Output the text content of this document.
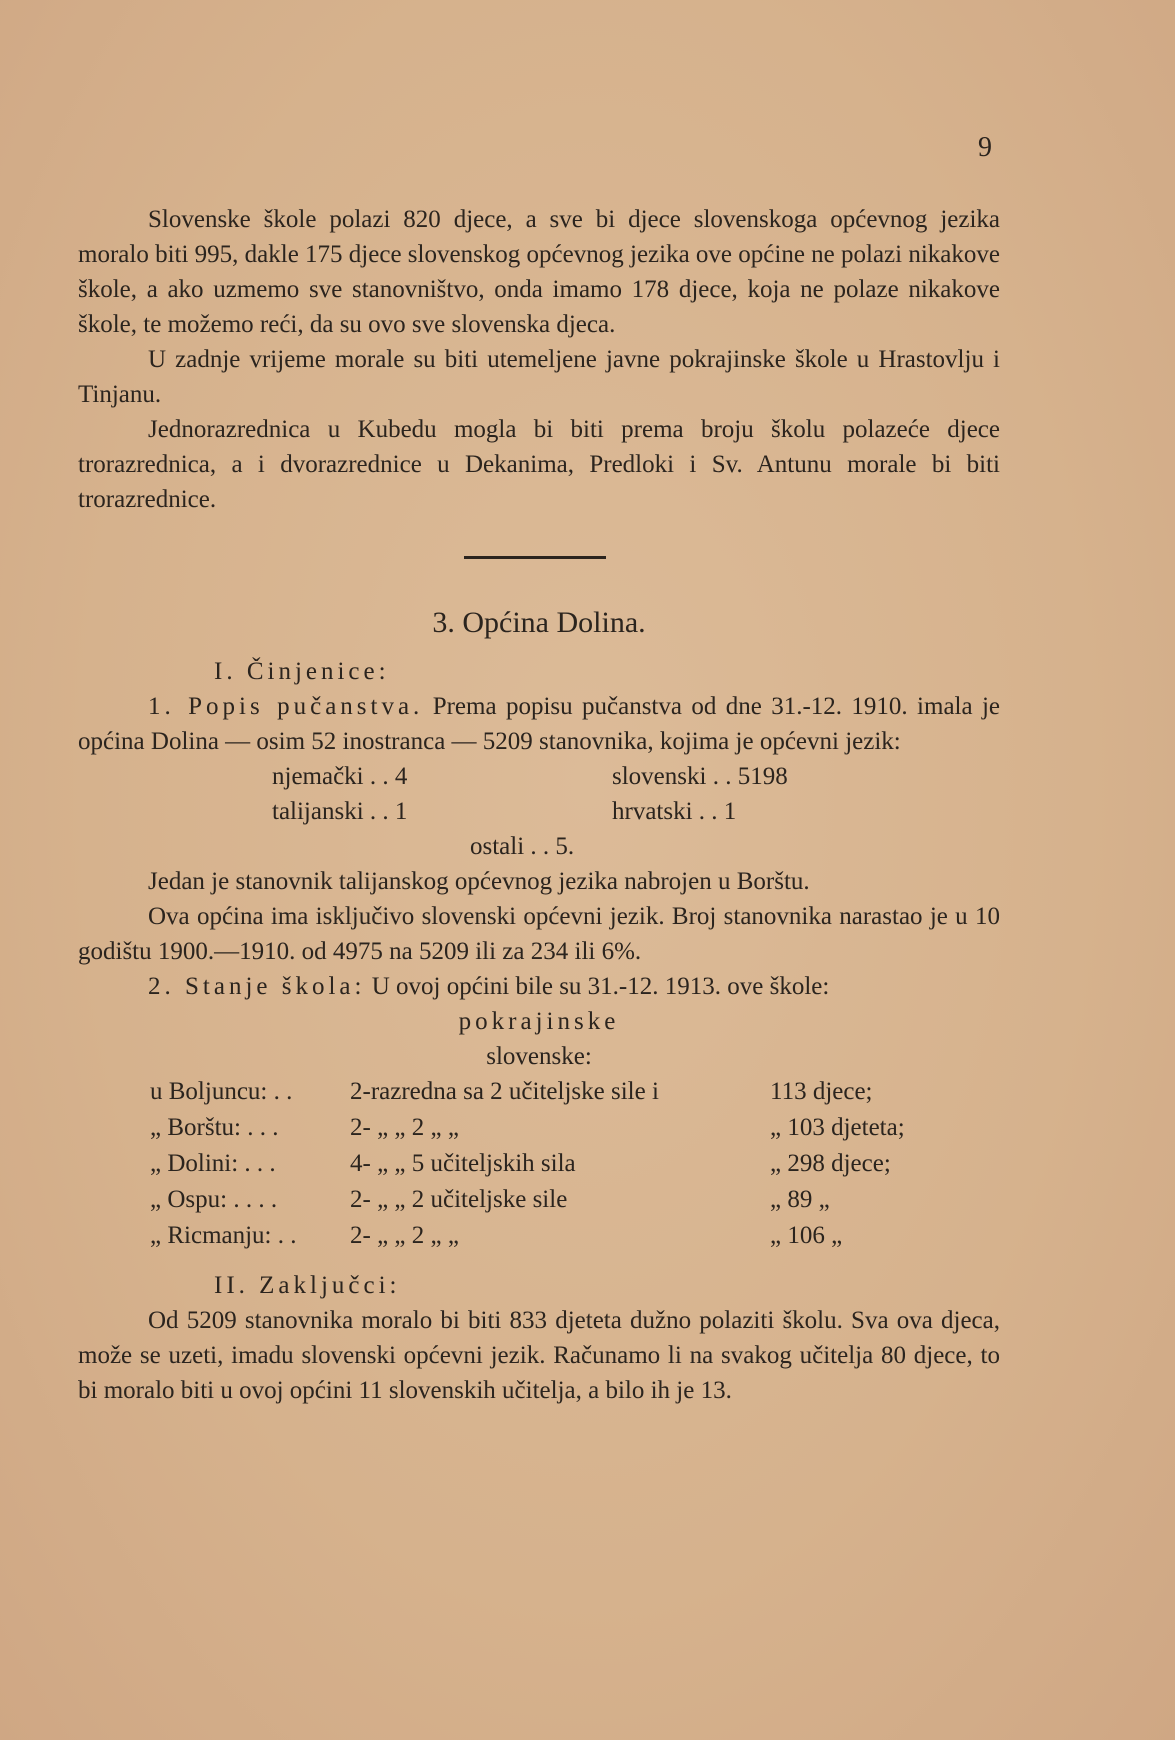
9

Slovenske škole polazi 820 djece, a sve bi djece slovenskoga općevnog jezika moralo biti 995, dakle 175 djece slovenskog općevnog jezika ove općine ne polazi nikakove škole, a ako uzmemo sve stanovništvo, onda imamo 178 djece, koja ne polaze nikakove škole, te možemo reći, da su ovo sve slovenska djeca.

U zadnje vrijeme morale su biti utemeljene javne pokrajinske škole u Hrastovlju i Tinjanu.

Jednorazrednica u Kubedu mogla bi biti prema broju školu polazeće djece trorazrednica, a i dvorazrednice u Dekanima, Predloki i Sv. Antunu morale bi biti trorazrednice.

3. Općina Dolina.
I. Činjenice:

1. Popis pučanstva. Prema popisu pučanstva od dne 31.-12. 1910. imala je općina Dolina — osim 52 inostranca — 5209 stanovnika, kojima je općevni jezik:

njemački . . 4	slovenski . . 5198
talijanski . . 1	hrvatski . . 1
ostali . . 5.

Jedan je stanovnik talijanskog općevnog jezika nabrojen u Borštu.

Ova općina ima isključivo slovenski općevni jezik. Broj stanovnika narastao je u 10 godištu 1900.—1910. od 4975 na 5209 ili za 234 ili 6%.

2. Stanje škola: U ovoj općini bile su 31.-12. 1913. ove škole:

pokrajinske
slovenske:
u Boljuncu: . .	2-razredna sa 2 učiteljske sile i	113 djece;
„ Borštu: . . .	2- „ „ 2 „ „	„ 103 djeteta;
„ Dolini: . . .	4- „ „ 5 učiteljskih sila	„ 298 djece;
„ Ospu: . . . .	2- „ „ 2 učiteljske sile	„ 89 „
„ Ricmanju: . .	2- „ „ 2 „ „	„ 106 „
II. Zaključci:

Od 5209 stanovnika moralo bi biti 833 djeteta dužno polaziti školu. Sva ova djeca, može se uzeti, imadu slovenski općevni jezik. Računamo li na svakog učitelja 80 djece, to bi moralo biti u ovoj općini 11 slovenskih učitelja, a bilo ih je 13.
